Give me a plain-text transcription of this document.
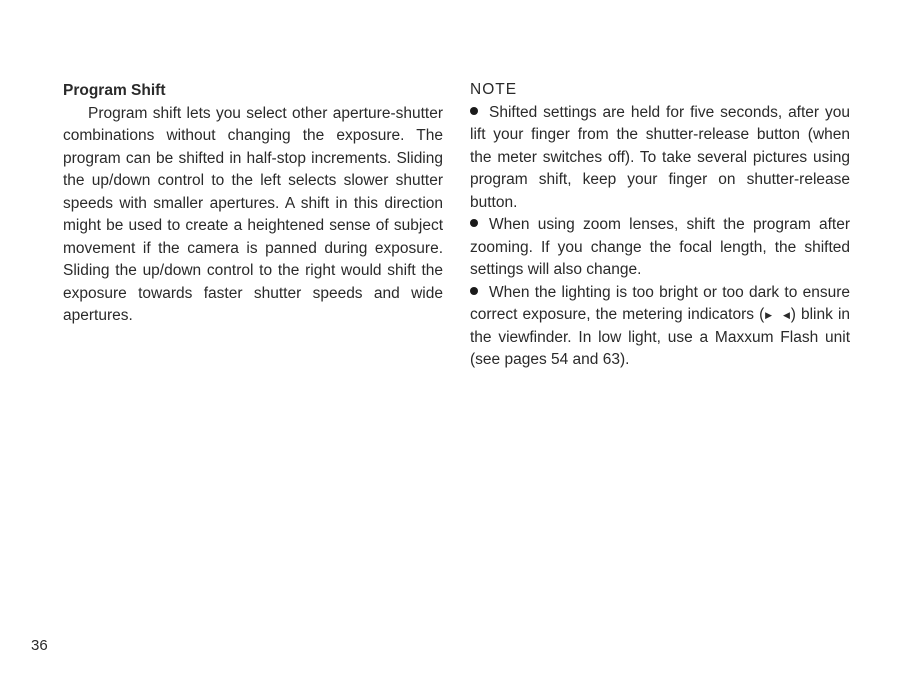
Program Shift

Program shift lets you select other aperture-shutter combinations without changing the exposure. The program can be shifted in half-stop increments. Sliding the up/down control to the left selects slower shutter speeds with smaller apertures. A shift in this direction might be used to create a heightened sense of subject movement if the camera is panned during exposure. Sliding the up/down control to the right would shift the exposure towards faster shutter speeds and wide apertures.

NOTE

Shifted settings are held for five seconds, after you lift your finger from the shutter-release button (when the meter switches off). To take several pictures using program shift, keep your finger on shutter-release button.

When using zoom lenses, shift the program after zooming. If you change the focal length, the shifted settings will also change.

When the lighting is too bright or too dark to ensure correct exposure, the metering indicators (▶ ◀) blink in the viewfinder. In low light, use a Maxxum Flash unit (see pages 54 and 63).

36
